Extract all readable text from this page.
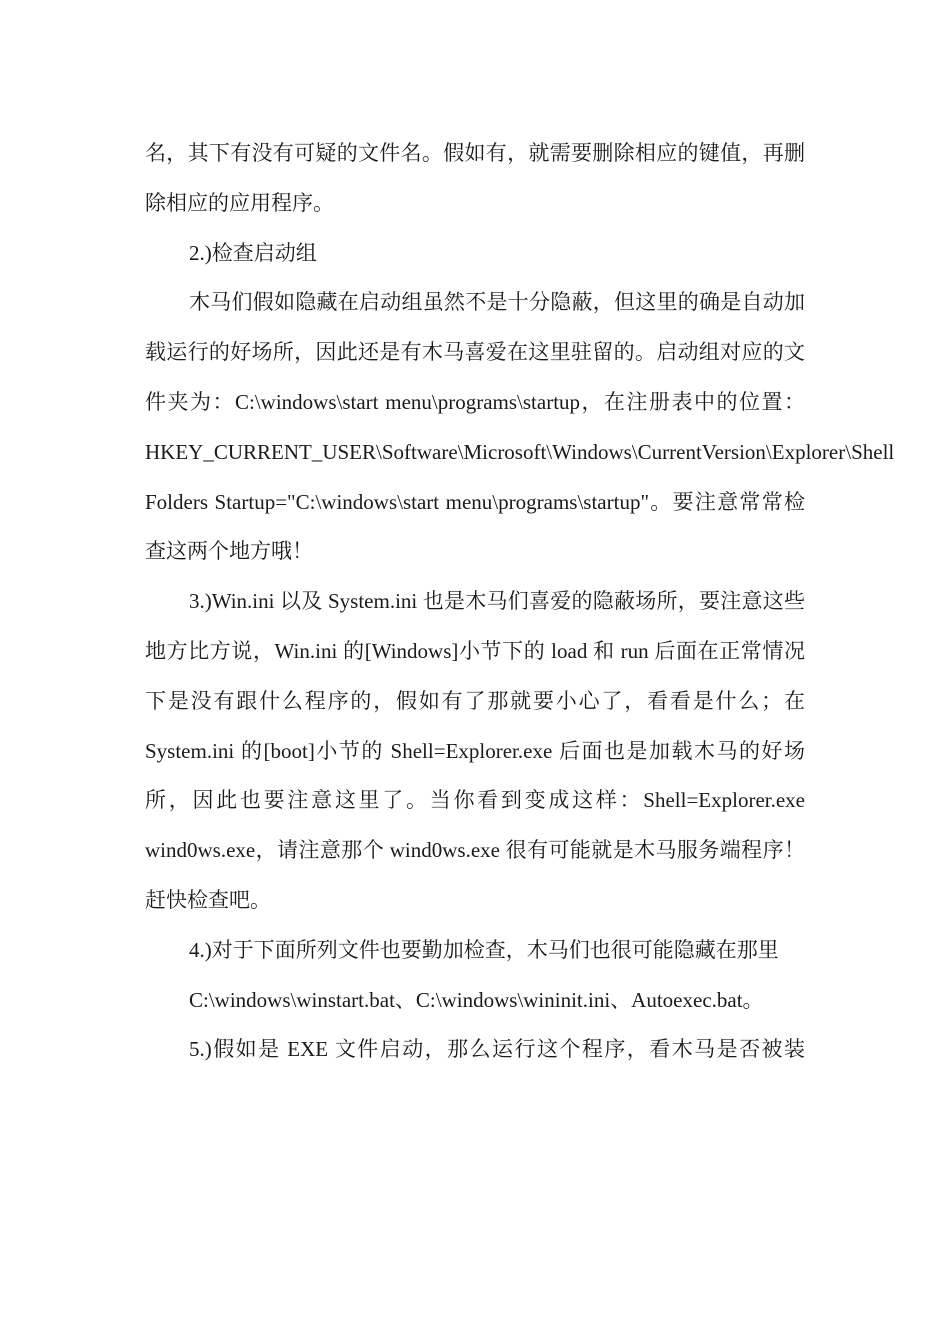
名，其下有没有可疑的文件名。假如有，就需要删除相应的键值，再删除相应的应用程序。

2.)检查启动组

木马们假如隐藏在启动组虽然不是十分隐蔽，但这里的确是自动加载运行的好场所，因此还是有木马喜爱在这里驻留的。启动组对应的文件夹为：C:\windows\start menu\programs\startup，在注册表中的位置：HKEY_CURRENT_USER\Software\Microsoft\Windows\CurrentVersion\Explorer\Shell Folders Startup="C:\windows\start menu\programs\startup"。要注意常常检查这两个地方哦！

3.)Win.ini 以及 System.ini 也是木马们喜爱的隐蔽场所，要注意这些地方比方说，Win.ini 的[Windows]小节下的 load 和 run 后面在正常情况下是没有跟什么程序的，假如有了那就要小心了，看看是什么；在 System.ini 的[boot]小节的 Shell=Explorer.exe 后面也是加载木马的好场所，因此也要注意这里了。当你看到变成这样：Shell=Explorer.exe wind0ws.exe，请注意那个 wind0ws.exe 很有可能就是木马服务端程序！赶快检查吧。

4.)对于下面所列文件也要勤加检查，木马们也很可能隐藏在那里

C:\windows\winstart.bat、C:\windows\wininit.ini、Autoexec.bat。

5.)假如是 EXE 文件启动，那么运行这个程序，看木马是否被装
